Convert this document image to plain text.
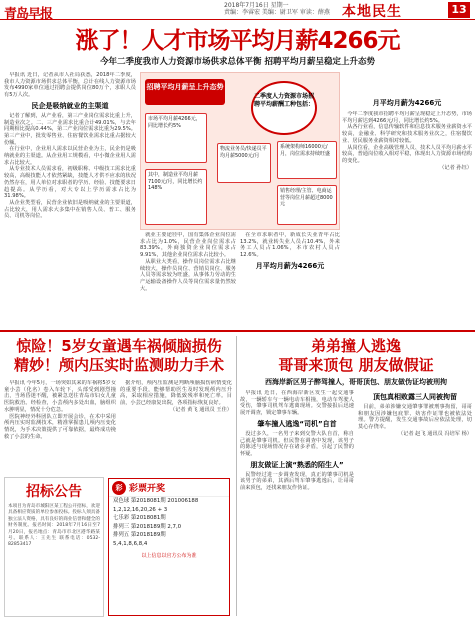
青岛早报
2018年7月16日 星期一
责编：李睿宏 美编：尉卫军 审读：薛燕 本地民生	13
涨了！人才市场平均月薪4266元
今年二季度我市人力资源市场供求总体平衡 招聘平均月薪呈稳定上升态势

早报讯 近日，记者从市人社局获悉，2018年二季度，我市人力资源市场供求总体平衡，总计在线人力资源市场发布4990家单位通过招聘会提供岗位80万个，求职人员有5万人次。

民企是吸纳就业的主渠道

记者了解到，从产业看，第三产业岗位需求比重上升，制造业次之。二、三产业需求比重合计49.01%，与去年同期相比提高0.44%，第二产业岗位需求比重为29.5%。第三产业中，批发零售业、住宿餐饮业需求比重占据较大份额。

在行业中，企业用人需求以民营企业为主，民企仍是吸纳就业的主渠道。从企业用工规模看，中小微企业用人需求占比较大。

从专业技术人员需求看，初级职称、中级技工需求比重较高，高级技能人才依然紧缺，技能人才供不应求的状况仍然存在，用人单位对求职者的学历、经验、技能要求日趋提高。从学历看，对大专以上学历需求占比为31.98%。

从企业类型看，民营企业依旧是吸纳就业的主要渠道，占比较大，用人需求大多集中在销售人员、普工、服务员、司机等岗位。

招聘平均月薪呈上升态势
二季度人力资源市场招聘平均薪酬工种包括：
市场平均月薪4266元，同比增长约5%
其中，制造业平均月薪7100元/月，同比增长约148%
物流业务员/快递员平均月薪5000元/月
系统架构师16000元/月，岗位需求持续旺盛
销售经理/主管、电商运营等岗位月薪超过8000元

就业主要途径中，国有集体企业岗位需求占比为1.0%，民营企业岗位需求占83.39%，外商独资企业岗位需求占9.91%，其他企业岗位需求占比较小。

从职业大类看，操作员岗位需求占比继续较大，操作员岗位、营销员岗位、服务人员等需求较为旺盛，从事体力劳动的生产运输设备操作人员等岗位需求量仍然较大。

在全市求职者中，新成长失业青年占比13.2%，就业转失业人员占10.4%，外来务工人员占1.06%，本市农村人员占12.6%。

月平均月薪为4266元
月平均月薪为4266元

今年二季度我市招聘平均月薪呈现稳定上升态势，市场平均月薪达到4266元/月，同比增长约5%。

从各行业看，信息传输软件和信息技术服务业薪资水平较高，金融业、科学研究和技术服务业次之，住宿餐饮业、居民服务业薪资相对较低。

从岗位看，企业高级管理人员、技术人员平均月薪水平较高，普通岗位收入相对平稳，体现出人力资源市场结构的变化。

（记者 孙钰）

惊险！5岁女童遇车祸倾脑损伤
精妙！颅内压实时监测助力手术

早报讯 今年5月，一场突如其来的车祸将5岁女童小芸（化名）卷入车轮下，头部受到剧烈撞击，当场昏迷不醒，被紧急送往青岛市妇女儿童医院救治。经检查，小芸颅内多处出血，脑组织水肿明显，情况十分危急。

医院神经外科团队立即开展会诊，在术中采用颅内压实时监测技术，精准掌握患儿颅内压变化情况，为手术决策提供了可靠依据，最终成功挽救了小芸的生命。

据介绍，颅内压监测是判断颅脑损伤病情变化的重要手段，能够帮助医生及时发现颅内压升高，采取相应措施，降低致残率和死亡率。目前，小芸已经康复出院，各项指标恢复良好。

（记者 黄飞 通讯员 王佳）

招标公告
本项目为青岛市城阳区某工程公开招标，欢迎具备相应资质的单位参加投标。投标人须具备独立法人资格，具有良好的商业信誉和健全的财务制度。报名时间：2018年7月16日至7月20日，报名地点：青岛市市北区港华路某号。联系人：王先生 联系电话：0532-82853417
彩 彩票开奖
双色球 第2018081期 201006188
1,2,12,16,20,26 + 3
七乐彩 第2018081期
排列三 第2018189期 2,7,0
排列五 第2018189期
5,4,1,8,6,8,4
以上信息以官方公布为准
弟弟撞人逃逸
哥哥来顶包 朋友做假证
西海岸新区男子醉驾撞人，哥哥顶包、朋友做伪证均被刑拘

早报讯 近日，在西海岸新区发生一起交通事故，一辆轿车与一辆电动车相撞，电动车驾驶人受伤，肇事司机驾车逃离现场。交警接报后迅速展开调查，锁定肇事车辆。

肇车撞人逃逸“司机”自首

没过多久，一名男子来到交警大队自首，称自己就是肇事司机。但民警在调查中发现，该男子的陈述与现场情况存在诸多矛盾，引起了民警的怀疑。

朋友做证上演“熟悉的陌生人”

民警经过进一步调查发现，真正的肇事司机是该男子的弟弟，其酒后驾车肇事逃逸后，让哥哥前来顶包，还找来朋友作伪证。

顶包真相败露三人同被拘留

目前，弟弟涉嫌交通肇事罪被刑事拘留，哥哥和朋友因涉嫌包庇罪、妨害作证罪也被依法处理。警方提醒，发生交通事故后应依法处理，切莫心存侥幸。

（记者 赵飞 通讯员 冯培军 杨）
